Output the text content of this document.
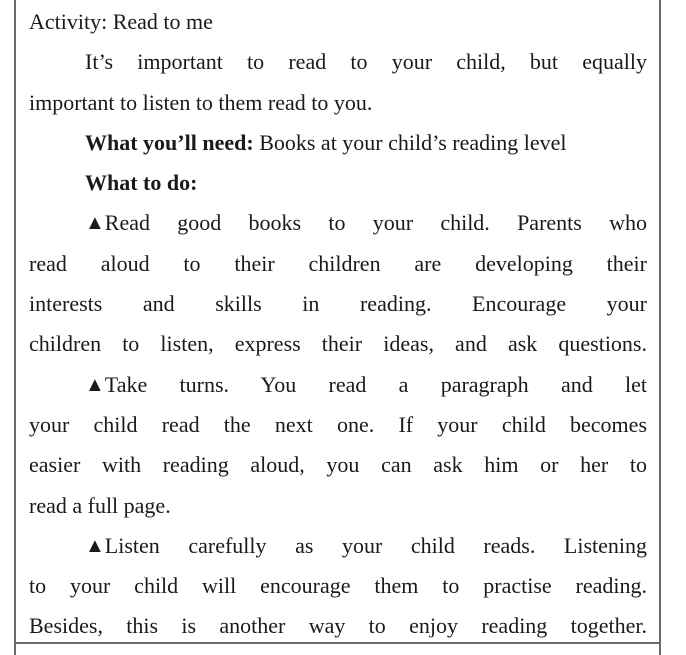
Activity: Read to me
It’s important to read to your child, but equally
important to listen to them read to you.
What you’ll need: Books at your child’s reading level
What to do:
▲Read good books to your child. Parents who
read aloud to their children are developing their
interests and skills in reading. Encourage your
children to listen, express their ideas, and ask questions.
▲Take turns. You read a paragraph and let
your child read the next one. If your child becomes
easier with reading aloud, you can ask him or her to
read a full page.
▲Listen carefully as your child reads. Listening
to your child will encourage them to practise reading.
Besides, this is another way to enjoy reading together.
